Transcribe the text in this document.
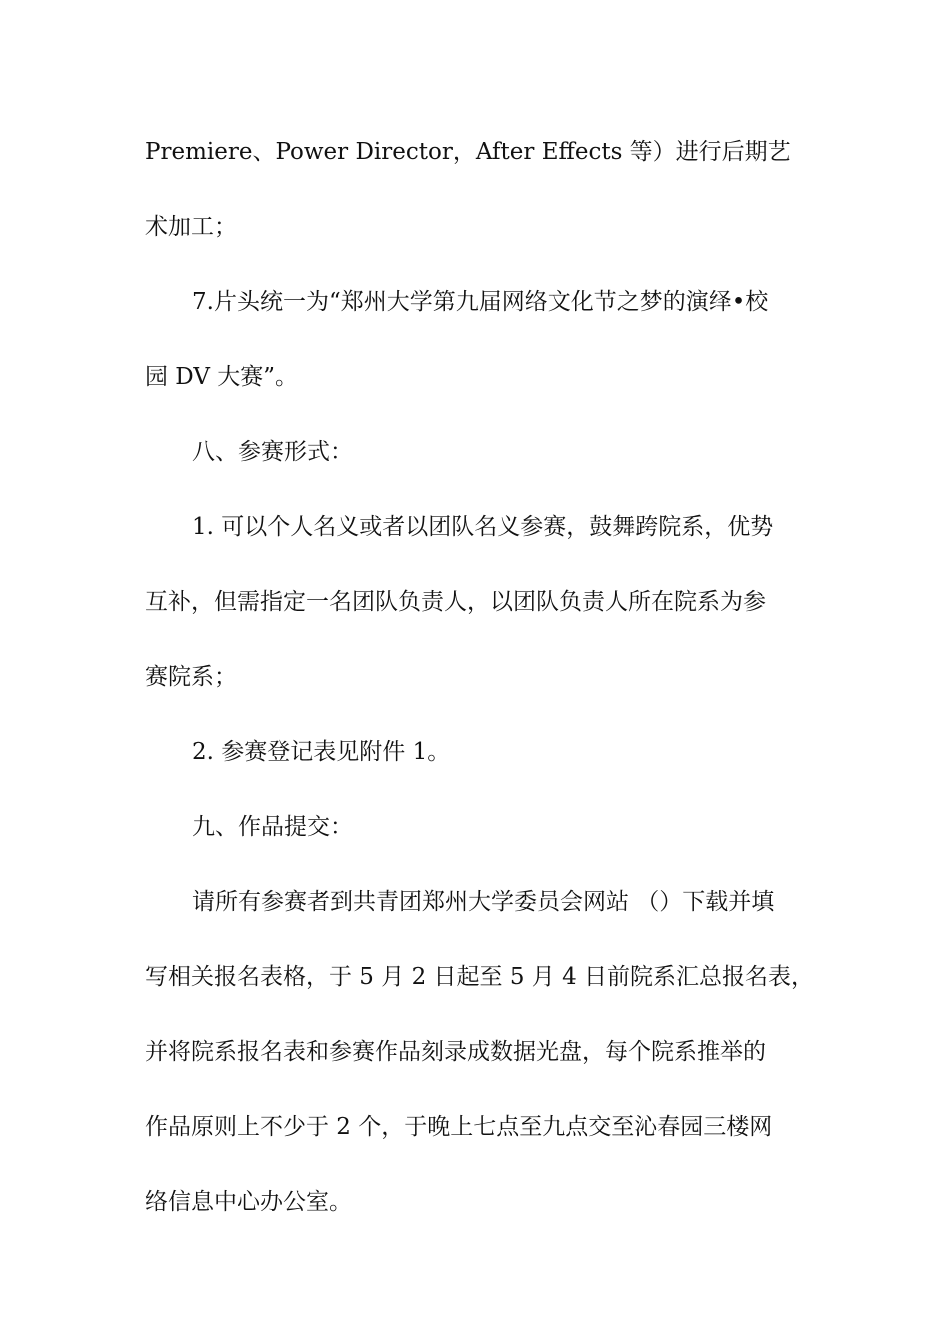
Premiere、Power Director，After Effects 等）进行后期艺
术加工；
7.片头统一为“郑州大学第九届网络文化节之梦的演绎•校
园 DV 大赛”。
八、参赛形式：
1. 可以个人名义或者以团队名义参赛，鼓舞跨院系，优势
互补，但需指定一名团队负责人，以团队负责人所在院系为参
赛院系；
2. 参赛登记表见附件 1。
九、作品提交：
请所有参赛者到共青团郑州大学委员会网站 （）下载并填
写相关报名表格，于 5 月 2 日起至 5 月 4 日前院系汇总报名表，
并将院系报名表和参赛作品刻录成数据光盘，每个院系推举的
作品原则上不少于 2 个，于晚上七点至九点交至沁春园三楼网
络信息中心办公室。
